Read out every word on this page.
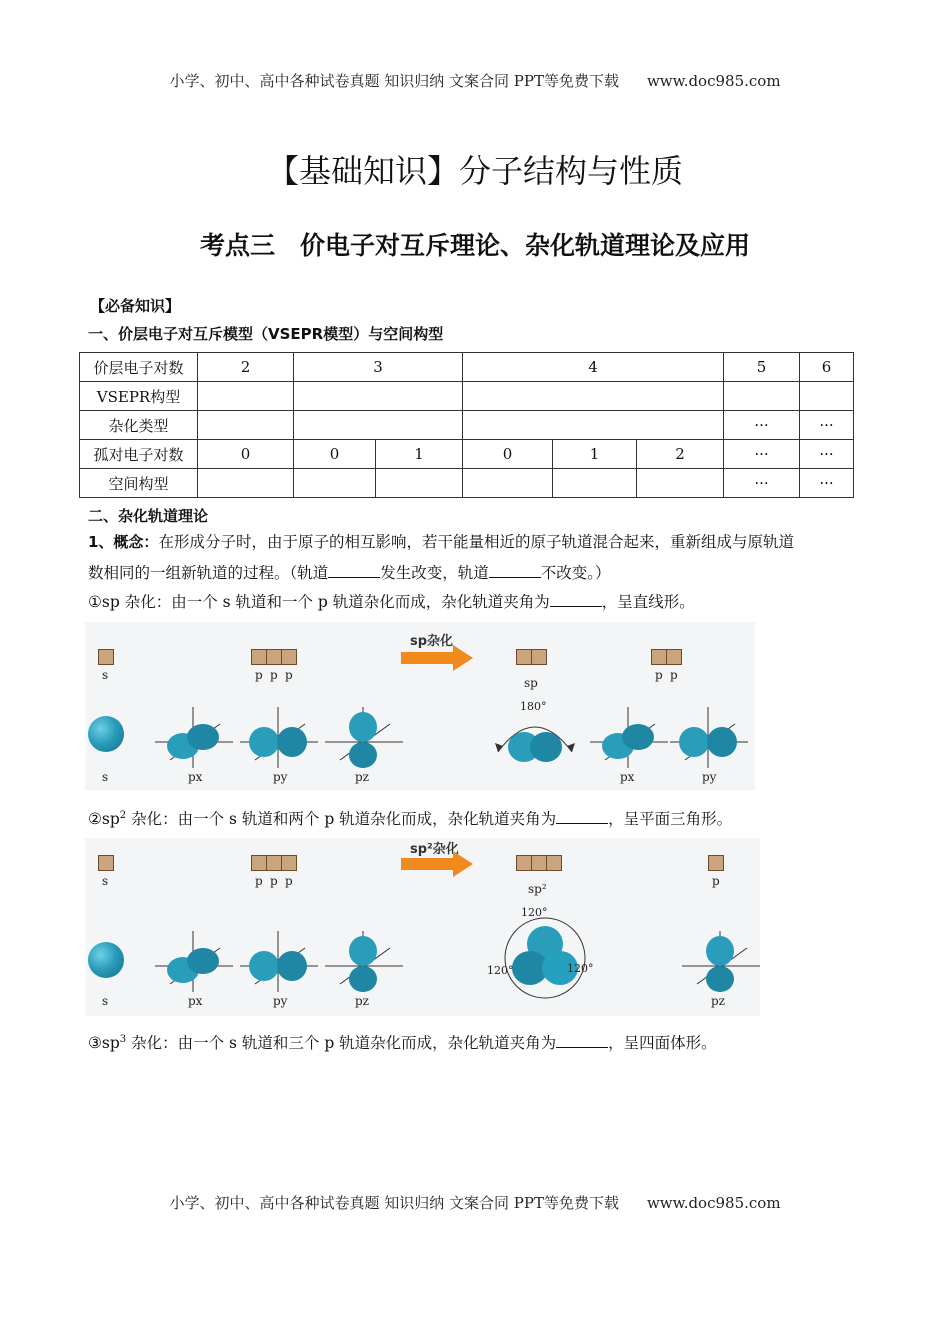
小学、初中、高中各种试卷真题 知识归纳 文案合同 PPT等免费下载 www.doc985.com
【基础知识】分子结构与性质
考点三　价电子对互斥理论、杂化轨道理论及应用
【必备知识】
一、价层电子对互斥模型（VSEPR模型）与空间构型
价层电子对数	2	3		4			5	6
VSEPR构型								
杂化类型							···	···
孤对电子对数	0	0	1	0	1	2	···	···
空间构型							···	···
二、杂化轨道理论
1、概念：在形成分子时，由于原子的相互影响，若干能量相近的原子轨道混合起来，重新组成与原轨道
数相同的一组新轨道的过程。（轨道	发生改变，轨道	不改变。）
①sp 杂化：由一个 s 轨道和一个 p 轨道杂化而成，杂化轨道夹角为	，呈直线形。
s	p p p
sp杂化
sp
p p
s	px	py	pz
180°
px	py
$②sp^2$ 杂化：由一个 s 轨道和两个 p 轨道杂化而成，杂化轨道夹角为	，呈平面三角形。
s	p p p
sp²杂化
sp²
p
s	px	py	pz
120°
120°	120°
pz
$③sp^3$ 杂化：由一个 s 轨道和三个 p 轨道杂化而成，杂化轨道夹角为	，呈四面体形。
小学、初中、高中各种试卷真题 知识归纳 文案合同 PPT等免费下载 www.doc985.com
